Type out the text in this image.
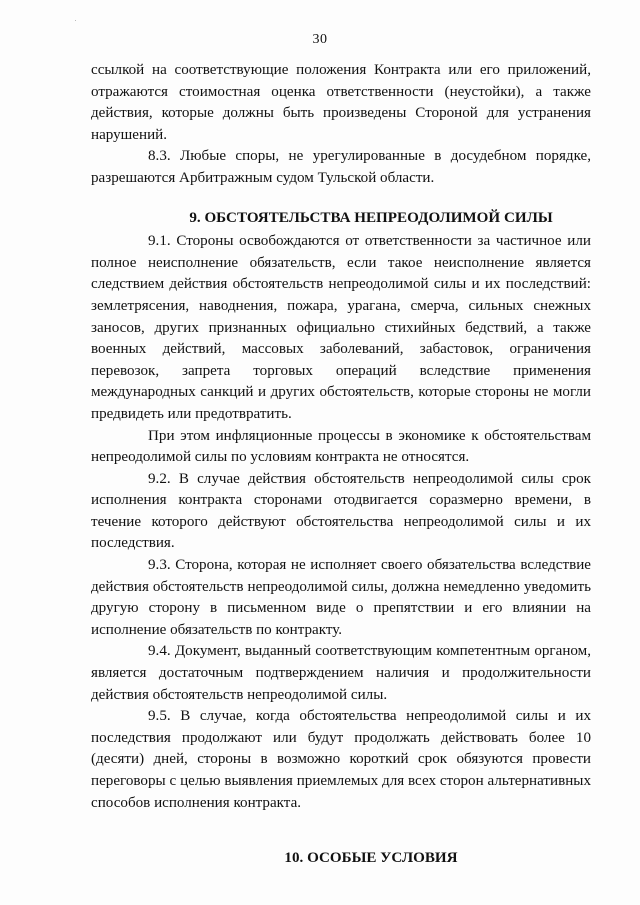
30

ссылкой на соответствующие положения Контракта или его приложений, отражаются стоимостная оценка ответственности (неустойки), а также действия, которые должны быть произведены Стороной для устранения нарушений.

8.3. Любые споры, не урегулированные в досудебном порядке, разрешаются Арбитражным судом Тульской области.

9. ОБСТОЯТЕЛЬСТВА НЕПРЕОДОЛИМОЙ СИЛЫ

9.1. Стороны освобождаются от ответственности за частичное или полное неисполнение обязательств, если такое неисполнение является следствием действия обстоятельств непреодолимой силы и их последствий: землетрясения, наводнения, пожара, урагана, смерча, сильных снежных заносов, других признанных официально стихийных бедствий, а также военных действий, массовых заболеваний, забастовок, ограничения перевозок, запрета торговых операций вследствие применения международных санкций и других обстоятельств, которые стороны не могли предвидеть или предотвратить.

При этом инфляционные процессы в экономике к обстоятельствам непреодолимой силы по условиям контракта не относятся.

9.2. В случае действия обстоятельств непреодолимой силы срок исполнения контракта сторонами отодвигается соразмерно времени, в течение которого действуют обстоятельства непреодолимой силы и их последствия.

9.3. Сторона, которая не исполняет своего обязательства вследствие действия обстоятельств непреодолимой силы, должна немедленно уведомить другую сторону в письменном виде о препятствии и его влиянии на исполнение обязательств по контракту.

9.4. Документ, выданный соответствующим компетентным органом, является достаточным подтверждением наличия и продолжительности действия обстоятельств непреодолимой силы.

9.5. В случае, когда обстоятельства непреодолимой силы и их последствия продолжают или будут продолжать действовать более 10 (десяти) дней, стороны в возможно короткий срок обязуются провести переговоры с целью выявления приемлемых для всех сторон альтернативных способов исполнения контракта.

10. ОСОБЫЕ УСЛОВИЯ
